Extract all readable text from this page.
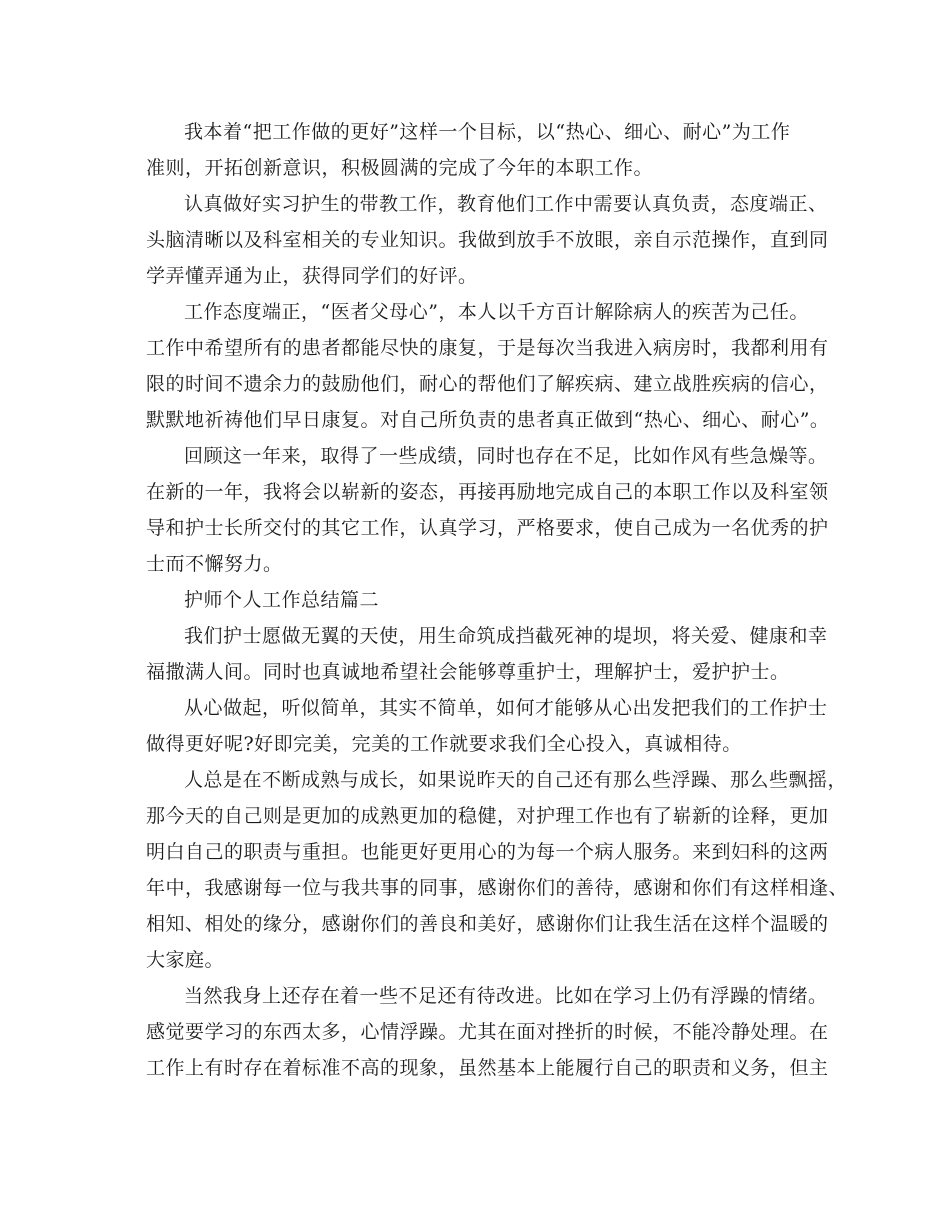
我本着“把工作做的更好”这样一个目标，以“热心、细心、耐心”为工作
准则，开拓创新意识，积极圆满的完成了今年的本职工作。
认真做好实习护生的带教工作，教育他们工作中需要认真负责，态度端正、
头脑清晰以及科室相关的专业知识。我做到放手不放眼，亲自示范操作，直到同
学弄懂弄通为止，获得同学们的好评。
工作态度端正，“医者父母心”，本人以千方百计解除病人的疾苦为己任。
工作中希望所有的患者都能尽快的康复，于是每次当我进入病房时，我都利用有
限的时间不遗余力的鼓励他们，耐心的帮他们了解疾病、建立战胜疾病的信心，
默默地祈祷他们早日康复。对自己所负责的患者真正做到“热心、细心、耐心”。
回顾这一年来，取得了一些成绩，同时也存在不足，比如作风有些急燥等。
在新的一年，我将会以崭新的姿态，再接再励地完成自己的本职工作以及科室领
导和护士长所交付的其它工作，认真学习，严格要求，使自己成为一名优秀的护
士而不懈努力。
护师个人工作总结篇二
我们护士愿做无翼的天使，用生命筑成挡截死神的堤坝，将关爱、健康和幸
福撒满人间。同时也真诚地希望社会能够尊重护士，理解护士，爱护护士。
从心做起，听似简单，其实不简单，如何才能够从心出发把我们的工作护士
做得更好呢?好即完美，完美的工作就要求我们全心投入，真诚相待。
人总是在不断成熟与成长，如果说昨天的自己还有那么些浮躁、那么些飘摇，
那今天的自己则是更加的成熟更加的稳健，对护理工作也有了崭新的诠释，更加
明白自己的职责与重担。也能更好更用心的为每一个病人服务。来到妇科的这两
年中，我感谢每一位与我共事的同事，感谢你们的善待，感谢和你们有这样相逢、
相知、相处的缘分，感谢你们的善良和美好，感谢你们让我生活在这样个温暖的
大家庭。
当然我身上还存在着一些不足还有待改进。比如在学习上仍有浮躁的情绪。
感觉要学习的东西太多，心情浮躁。尤其在面对挫折的时候，不能冷静处理。在
工作上有时存在着标准不高的现象，虽然基本上能履行自己的职责和义务，但主
